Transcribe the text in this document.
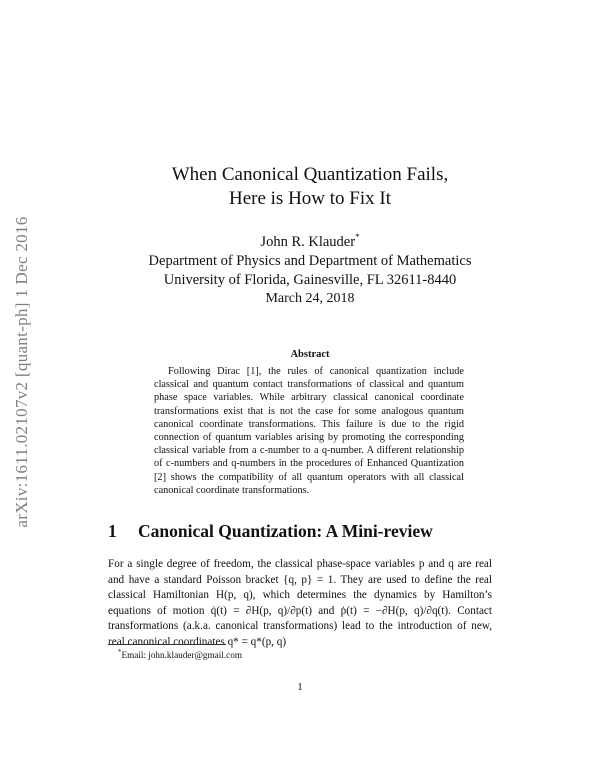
arXiv:1611.02107v2 [quant-ph] 1 Dec 2016
When Canonical Quantization Fails,
Here is How to Fix It
John R. Klauder*
Department of Physics and Department of Mathematics
University of Florida, Gainesville, FL 32611-8440
March 24, 2018
Abstract
Following Dirac [1], the rules of canonical quantization include classical and quantum contact transformations of classical and quantum phase space variables. While arbitrary classical canonical coordinate transformations exist that is not the case for some analogous quantum canonical coordinate transformations. This failure is due to the rigid connection of quantum variables arising by promoting the corresponding classical variable from a c-number to a q-number. A different relationship of c-numbers and q-numbers in the procedures of Enhanced Quantization [2] shows the compatibility of all quantum operators with all classical canonical coordinate transformations.
1 Canonical Quantization: A Mini-review
For a single degree of freedom, the classical phase-space variables p and q are real and have a standard Poisson bracket {q, p} = 1. They are used to define the real classical Hamiltonian H(p, q), which determines the dynamics by Hamilton’s equations of motion q̇(t) = ∂H(p, q)/∂p(t) and ṗ(t) = −∂H(p, q)/∂q(t). Contact transformations (a.k.a. canonical transformations) lead to the introduction of new, real canonical coordinates q* = q*(p, q)
*Email: john.klauder@gmail.com
1
